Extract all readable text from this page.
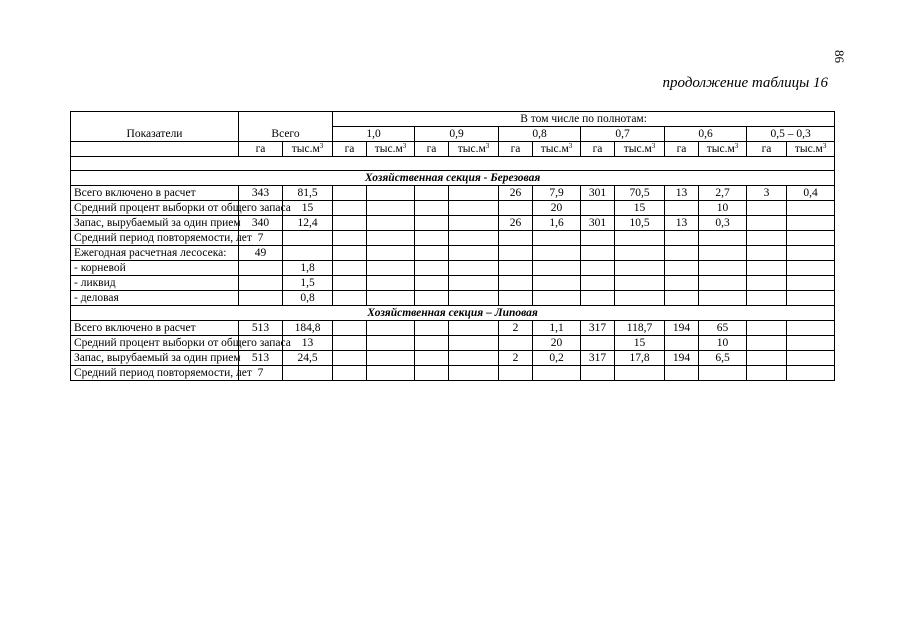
86
продолжение таблицы 16
Показатели	Всего		В том числе по полнотам:											
			1,0		0,9		0,8		0,7		0,6		0,5 – 0,3	
	га	$тыс.м^3$	га	$тыс.м^3$	га	$тыс.м^3$	га	$тыс.м^3$	га	$тыс.м^3$	га	$тыс.м^3$	га	$тыс.м^3$

Хозяйственная секция - Березовая														
Всего включено в расчет	343	81,5					26	7,9	301	70,5	13	2,7	3	0,4
Средний процент выборки от общего запаса		15						20		15		10		
Запас, вырубаемый за один прием	340	12,4					26	1,6	301	10,5	13	0,3		
Средний период повторяемости, лет	7													
Ежегодная расчетная лесосека:	49													
- корневой		1,8												
- ликвид		1,5												
- деловая		0,8												
Хозяйственная секция – Липовая														
Всего включено в расчет	513	184,8					2	1,1	317	118,7	194	65		
Средний процент выборки от общего запаса		13						20		15		10		
Запас, вырубаемый за один прием	513	24,5					2	0,2	317	17,8	194	6,5		
Средний период повторяемости, лет	7													
